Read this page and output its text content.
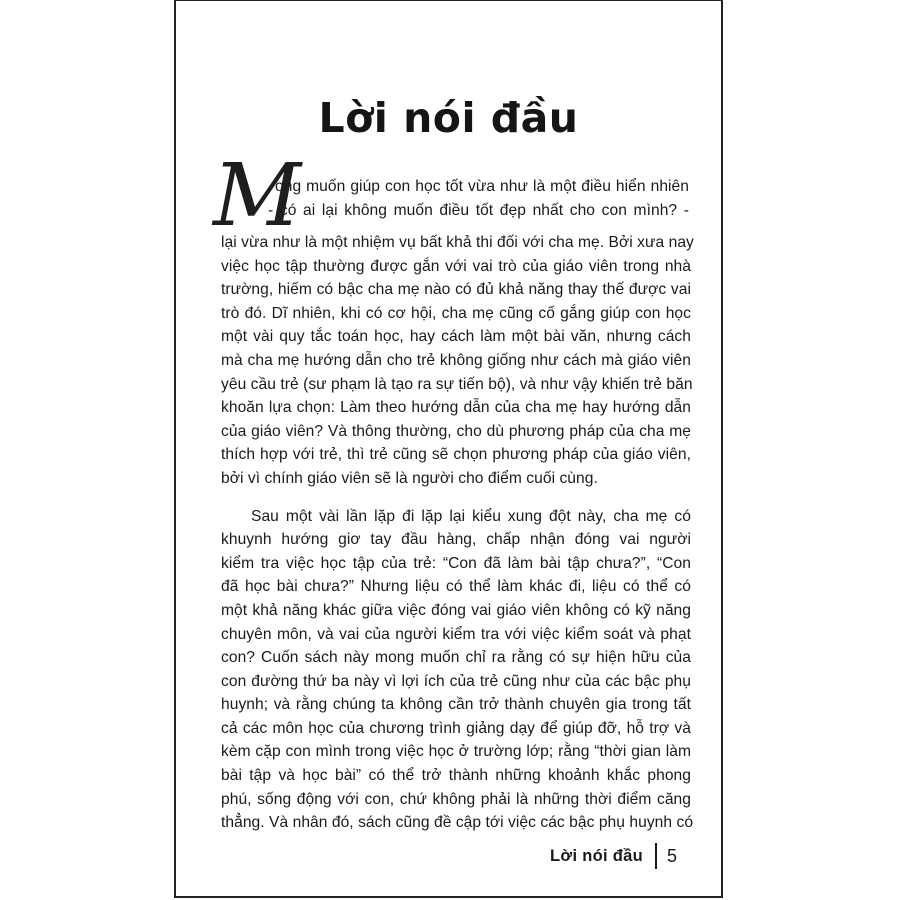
Lời nói đầu
M
ong muốn giúp con học tốt vừa như là một điều hiển nhiên
- có ai lại không muốn điều tốt đẹp nhất cho con mình? -
lại vừa như là một nhiệm vụ bất khả thi đối với cha mẹ. Bởi xưa nay
việc học tập thường được gắn với vai trò của giáo viên trong nhà
trường, hiếm có bậc cha mẹ nào có đủ khả năng thay thế được vai
trò đó. Dĩ nhiên, khi có cơ hội, cha mẹ cũng cố gắng giúp con học
một vài quy tắc toán học, hay cách làm một bài văn, nhưng cách
mà cha mẹ hướng dẫn cho trẻ không giống như cách mà giáo viên
yêu cầu trẻ (sư phạm là tạo ra sự tiến bộ), và như vậy khiến trẻ băn
khoăn lựa chọn: Làm theo hướng dẫn của cha mẹ hay hướng dẫn
của giáo viên? Và thông thường, cho dù phương pháp của cha mẹ
thích hợp với trẻ, thì trẻ cũng sẽ chọn phương pháp của giáo viên,
bởi vì chính giáo viên sẽ là người cho điểm cuối cùng.
Sau một vài lần lặp đi lặp lại kiểu xung đột này, cha mẹ có
khuynh hướng giơ tay đầu hàng, chấp nhận đóng vai người
kiểm tra việc học tập của trẻ: “Con đã làm bài tập chưa?”, “Con
đã học bài chưa?” Nhưng liệu có thể làm khác đi, liệu có thể có
một khả năng khác giữa việc đóng vai giáo viên không có kỹ năng
chuyên môn, và vai của người kiểm tra với việc kiểm soát và phạt
con? Cuốn sách này mong muốn chỉ ra rằng có sự hiện hữu của
con đường thứ ba này vì lợi ích của trẻ cũng như của các bậc phụ
huynh; và rằng chúng ta không cần trở thành chuyên gia trong tất
cả các môn học của chương trình giảng dạy để giúp đỡ, hỗ trợ và
kèm cặp con mình trong việc học ở trường lớp; rằng “thời gian làm
bài tập và học bài” có thể trở thành những khoảnh khắc phong
phú, sống động với con, chứ không phải là những thời điểm căng
thẳng. Và nhân đó, sách cũng đề cập tới việc các bậc phụ huynh có
Lời nói đầu 5
